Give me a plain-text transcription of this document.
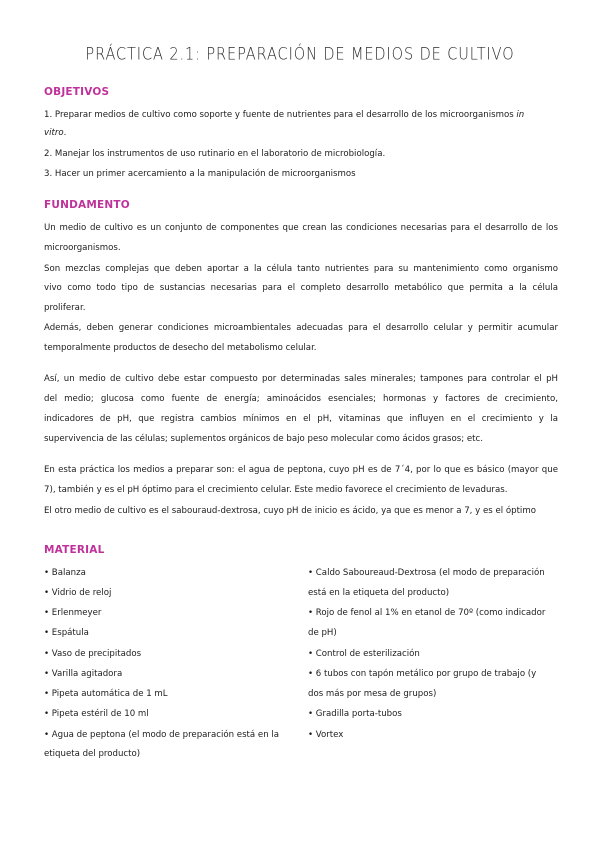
PRÁCTICA 2.1: PREPARACIÓN DE MEDIOS DE CULTIVO
OBJETIVOS
1. Preparar medios de cultivo como soporte y fuente de nutrientes para el desarrollo de los microorganismos in
vitro.
2. Manejar los instrumentos de uso rutinario en el laboratorio de microbiología.
3. Hacer un primer acercamiento a la manipulación de microorganismos
FUNDAMENTO
Un medio de cultivo es un conjunto de componentes que crean las condiciones necesarias para el desarrollo de los
microorganismos.
Son mezclas complejas que deben aportar a la célula tanto nutrientes para su mantenimiento como organismo
vivo como todo tipo de sustancias necesarias para el completo desarrollo metabólico que permita a la célula
proliferar.
Además, deben generar condiciones microambientales adecuadas para el desarrollo celular y permitir acumular
temporalmente productos de desecho del metabolismo celular.
Así, un medio de cultivo debe estar compuesto por determinadas sales minerales; tampones para controlar el pH
del medio; glucosa como fuente de energía; aminoácidos esenciales; hormonas y factores de crecimiento,
indicadores de pH, que registra cambios mínimos en el pH, vitaminas que influyen en el crecimiento y la
supervivencia de las células; suplementos orgánicos de bajo peso molecular como ácidos grasos; etc.
En esta práctica los medios a preparar son: el agua de peptona, cuyo pH es de 7´4, por lo que es básico (mayor que
7), también y es el pH óptimo para el crecimiento celular. Este medio favorece el crecimiento de levaduras.
El otro medio de cultivo es el sabouraud-dextrosa, cuyo pH de inicio es ácido, ya que es menor a 7, y es el óptimo
MATERIAL
• Balanza
• Vidrio de reloj
• Erlenmeyer
• Espátula
• Vaso de precipitados
• Varilla agitadora
• Pipeta automática de 1 mL
• Pipeta estéril de 10 ml
• Agua de peptona (el modo de preparación está en la
etiqueta del producto)
• Caldo Saboureaud-Dextrosa (el modo de preparación
está en la etiqueta del producto)
• Rojo de fenol al 1% en etanol de 70º (como indicador
de pH)
• Control de esterilización
• 6 tubos con tapón metálico por grupo de trabajo (y
dos más por mesa de grupos)
• Gradilla porta-tubos
• Vortex
